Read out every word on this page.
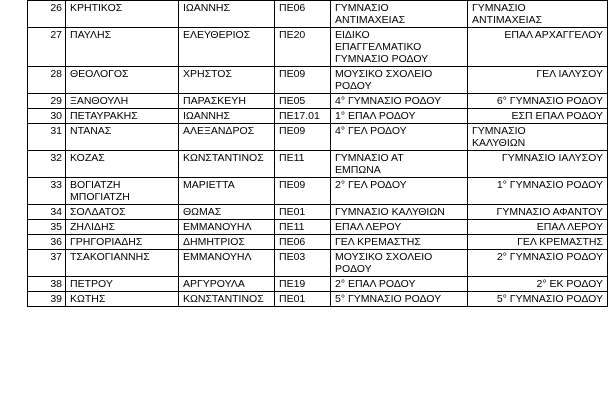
26	ΚΡΗΤΙΚΟΣ	ΙΩΑΝΝΗΣ	ΠΕ06	ΓΥΜΝΑΣΙΟ
ΑΝΤΙΜΑΧΕΙΑΣ	ΓΥΜΝΑΣΙΟ
ΑΝΤΙΜΑΧΕΙΑΣ

27	ΠΑΥΛΗΣ	ΕΛΕΥΘΕΡΙΟΣ	ΠΕ20	ΕΙΔΙΚΟ
ΕΠΑΓΓΕΛΜΑΤΙΚΟ
ΓΥΜΝΑΣΙΟ ΡΟΔΟΥ	ΕΠΑΛ ΑΡΧΑΓΓΕΛΟΥ

28	ΘΕΟΛΟΓΟΣ	ΧΡΗΣΤΟΣ	ΠΕ09	ΜΟΥΣΙΚΟ ΣΧΟΛΕΙΟ
ΡΟΔΟΥ	ΓΕΛ ΙΑΛΥΣΟΥ

29	ΞΑΝΘΟΥΛΗ	ΠΑΡΑΣΚΕΥΗ	ΠΕ05	4° ΓΥΜΝΑΣΙΟ ΡΟΔΟΥ	6° ΓΥΜΝΑΣΙΟ ΡΟΔΟΥ

30	ΠΕΤΑΥΡΑΚΗΣ	ΙΩΑΝΝΗΣ	ΠΕ17.01	1° ΕΠΑΛ ΡΟΔΟΥ	ΕΣΠ ΕΠΑΛ ΡΟΔΟΥ

31	ΝΤΑΝΑΣ	ΑΛΕΞΑΝΔΡΟΣ	ΠΕ09	4° ΓΕΛ ΡΟΔΟΥ	ΓΥΜΝΑΣΙΟ
ΚΑΛΥΘΙΩΝ

32	ΚΟΖΑΣ	ΚΩΝΣΤΑΝΤΙΝΟΣ	ΠΕ11	ΓΥΜΝΑΣΙΟ ΑΤ
ΕΜΠΩΝΑ	ΓΥΜΝΑΣΙΟ ΙΑΛΥΣΟΥ

33	ΒΟΓΙΑΤΖΗ
ΜΠΟΓΙΑΤΖΗ	ΜΑΡΙΕΤΤΑ	ΠΕ09	2° ΓΕΛ ΡΟΔΟΥ	1° ΓΥΜΝΑΣΙΟ ΡΟΔΟΥ

34	ΣΟΛΔΑΤΟΣ	ΘΩΜΑΣ	ΠΕ01	ΓΥΜΝΑΣΙΟ ΚΑΛΥΘΙΩΝ	ΓΥΜΝΑΣΙΟ ΑΦΑΝΤΟΥ

35	ΖΗΛΙΔΗΣ	ΕΜΜΑΝΟΥΗΛ	ΠΕ11	ΕΠΑΛ ΛΕΡΟΥ	ΕΠΑΛ ΛΕΡΟΥ

36	ΓΡΗΓΟΡΙΑΔΗΣ	ΔΗΜΗΤΡΙΟΣ	ΠΕ06	ΓΕΛ ΚΡΕΜΑΣΤΗΣ	ΓΕΛ ΚΡΕΜΑΣΤΗΣ

37	ΤΣΑΚΟΓΙΑΝΝΗΣ	ΕΜΜΑΝΟΥΗΛ	ΠΕ03	ΜΟΥΣΙΚΟ ΣΧΟΛΕΙΟ
ΡΟΔΟΥ	2° ΓΥΜΝΑΣΙΟ ΡΟΔΟΥ

38	ΠΕΤΡΟΥ	ΑΡΓΥΡΟΥΛΑ	ΠΕ19	2° ΕΠΑΛ ΡΟΔΟΥ	2° ΕΚ ΡΟΔΟΥ

39	ΚΩΤΗΣ	ΚΩΝΣΤΑΝΤΙΝΟΣ	ΠΕ01	5° ΓΥΜΝΑΣΙΟ ΡΟΔΟΥ	5° ΓΥΜΝΑΣΙΟ ΡΟΔΟΥ
